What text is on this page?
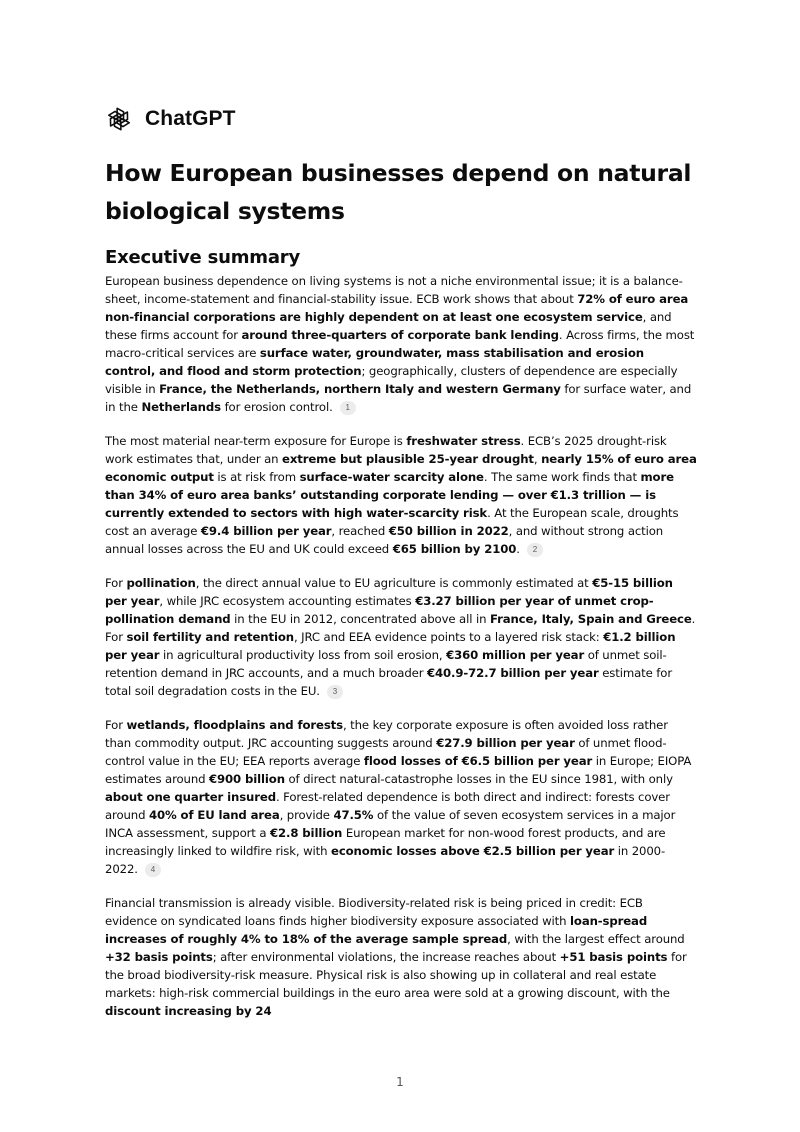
ChatGPT
How European businesses depend on natural biological systems
Executive summary

European business dependence on living systems is not a niche environmental issue; it is a balance-sheet, income-statement and financial-stability issue. ECB work shows that about 72% of euro area non-financial corporations are highly dependent on at least one ecosystem service, and these firms account for around three-quarters of corporate bank lending. Across firms, the most macro-critical services are surface water, groundwater, mass stabilisation and erosion control, and flood and storm protection; geographically, clusters of dependence are especially visible in France, the Netherlands, northern Italy and western Germany for surface water, and in the Netherlands for erosion control. 1

The most material near-term exposure for Europe is freshwater stress. ECB’s 2025 drought-risk work estimates that, under an extreme but plausible 25-year drought, nearly 15% of euro area economic output is at risk from surface-water scarcity alone. The same work finds that more than 34% of euro area banks’ outstanding corporate lending — over €1.3 trillion — is currently extended to sectors with high water-scarcity risk. At the European scale, droughts cost an average €9.4 billion per year, reached €50 billion in 2022, and without strong action annual losses across the EU and UK could exceed €65 billion by 2100. 2

For pollination, the direct annual value to EU agriculture is commonly estimated at €5-15 billion per year, while JRC ecosystem accounting estimates €3.27 billion per year of unmet crop-pollination demand in the EU in 2012, concentrated above all in France, Italy, Spain and Greece. For soil fertility and retention, JRC and EEA evidence points to a layered risk stack: €1.2 billion per year in agricultural productivity loss from soil erosion, €360 million per year of unmet soil-retention demand in JRC accounts, and a much broader €40.9-72.7 billion per year estimate for total soil degradation costs in the EU. 3

For wetlands, floodplains and forests, the key corporate exposure is often avoided loss rather than commodity output. JRC accounting suggests around €27.9 billion per year of unmet flood-control value in the EU; EEA reports average flood losses of €6.5 billion per year in Europe; EIOPA estimates around €900 billion of direct natural-catastrophe losses in the EU since 1981, with only about one quarter insured. Forest-related dependence is both direct and indirect: forests cover around 40% of EU land area, provide 47.5% of the value of seven ecosystem services in a major INCA assessment, support a €2.8 billion European market for non-wood forest products, and are increasingly linked to wildfire risk, with economic losses above €2.5 billion per year in 2000-2022. 4

Financial transmission is already visible. Biodiversity-related risk is being priced in credit: ECB evidence on syndicated loans finds higher biodiversity exposure associated with loan-spread increases of roughly 4% to 18% of the average sample spread, with the largest effect around +32 basis points; after environmental violations, the increase reaches about +51 basis points for the broad biodiversity-risk measure. Physical risk is also showing up in collateral and real estate markets: high-risk commercial buildings in the euro area were sold at a growing discount, with the discount increasing by 24

1
